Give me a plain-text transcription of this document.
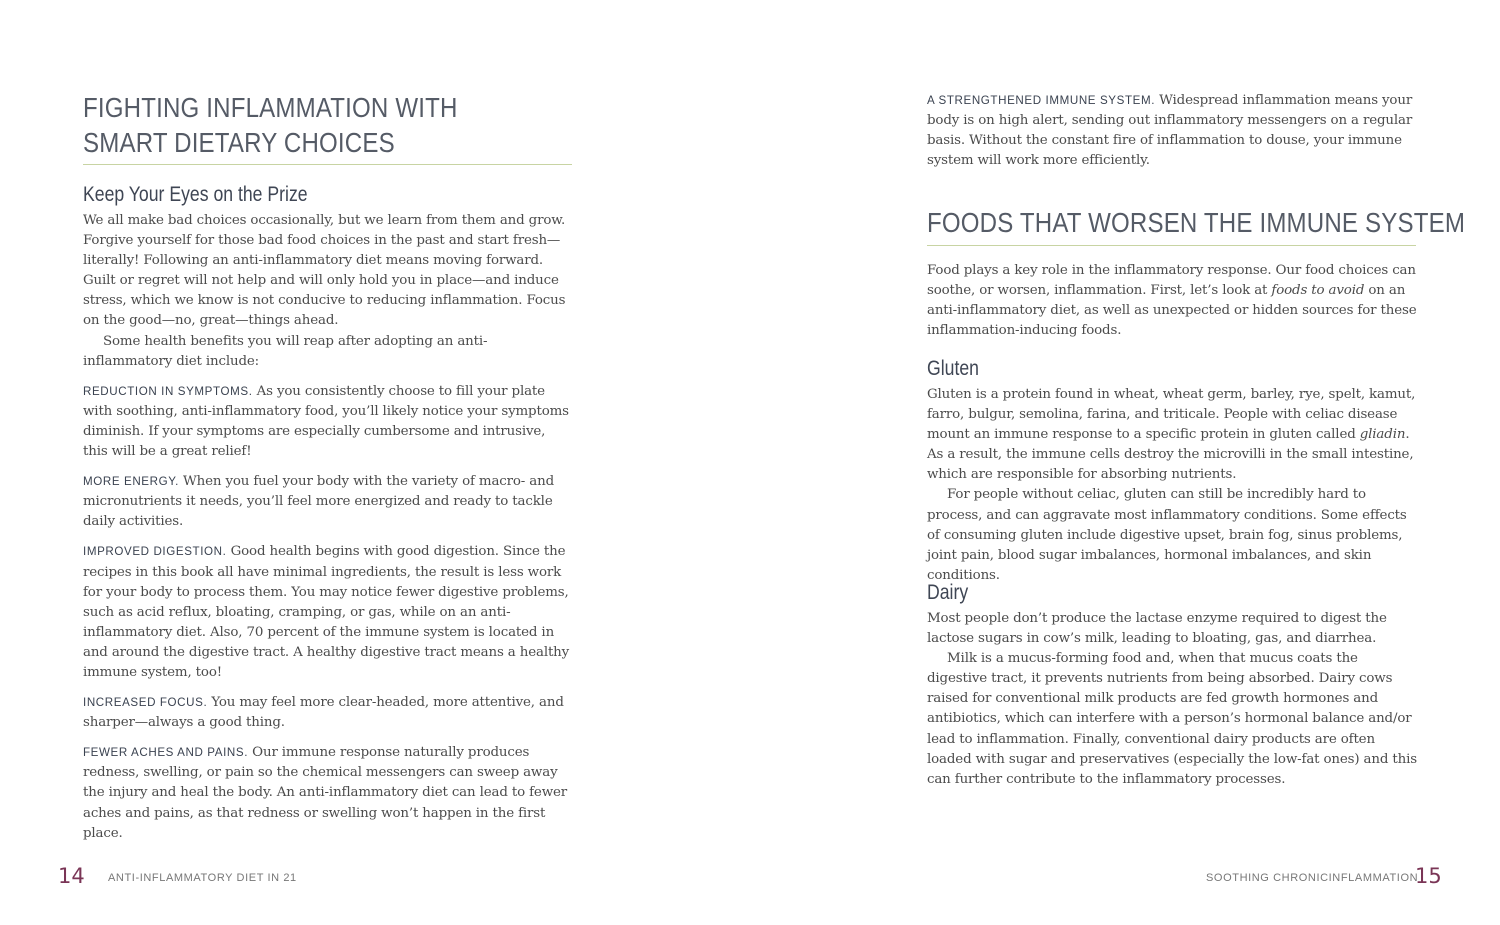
FIGHTING INFLAMMATION WITH
SMART DIETARY CHOICES
Keep Your Eyes on the Prize

We all make bad choices occasionally, but we learn from them and grow. Forgive yourself for those bad food choices in the past and start fresh—literally! Following an anti-inflammatory diet means moving forward. Guilt or regret will not help and will only hold you in place—and induce stress, which we know is not conducive to reducing inflammation. Focus on the good—no, great—things ahead.

Some health benefits you will reap after adopting an anti-inflammatory diet include:

REDUCTION IN SYMPTOMS. As you consistently choose to fill your plate with soothing, anti-inflammatory food, you’ll likely notice your symptoms diminish. If your symptoms are especially cumbersome and intrusive, this will be a great relief!

MORE ENERGY. When you fuel your body with the variety of macro- and micronutrients it needs, you’ll feel more energized and ready to tackle daily activities.

IMPROVED DIGESTION. Good health begins with good digestion. Since the recipes in this book all have minimal ingredients, the result is less work for your body to process them. You may notice fewer digestive problems, such as acid reflux, bloating, cramping, or gas, while on an anti-inflammatory diet. Also, 70 percent of the immune system is located in and around the digestive tract. A healthy digestive tract means a healthy immune system, too!

INCREASED FOCUS. You may feel more clear-headed, more attentive, and sharper—always a good thing.

FEWER ACHES AND PAINS. Our immune response naturally produces redness, swelling, or pain so the chemical messengers can sweep away the injury and heal the body. An anti-inflammatory diet can lead to fewer aches and pains, as that redness or swelling won’t happen in the first place.

14 ANTI-INFLAMMATORY DIET IN 21

A STRENGTHENED IMMUNE SYSTEM. Widespread inflammation means your body is on high alert, sending out inflammatory messengers on a regular basis. Without the constant fire of inflammation to douse, your immune system will work more efficiently.

FOODS THAT WORSEN THE IMMUNE SYSTEM

Food plays a key role in the inflammatory response. Our food choices can soothe, or worsen, inflammation. First, let’s look at foods to avoid on an anti-inflammatory diet, as well as unexpected or hidden sources for these inflammation-inducing foods.

Gluten

Gluten is a protein found in wheat, wheat germ, barley, rye, spelt, kamut, farro, bulgur, semolina, farina, and triticale. People with celiac disease mount an immune response to a specific protein in gluten called gliadin. As a result, the immune cells destroy the microvilli in the small intestine, which are responsible for absorbing nutrients.

For people without celiac, gluten can still be incredibly hard to process, and can aggravate most inflammatory conditions. Some effects of consuming gluten include digestive upset, brain fog, sinus problems, joint pain, blood sugar imbalances, hormonal imbalances, and skin conditions.

Dairy

Most people don’t produce the lactase enzyme required to digest the lactose sugars in cow’s milk, leading to bloating, gas, and diarrhea.

Milk is a mucus-forming food and, when that mucus coats the digestive tract, it prevents nutrients from being absorbed. Dairy cows raised for conventional milk products are fed growth hormones and antibiotics, which can interfere with a person’s hormonal balance and/or lead to inflammation. Finally, conventional dairy products are often loaded with sugar and preservatives (especially the low-fat ones) and this can further contribute to the inflammatory processes.

SOOTHING CHRONICINFLAMMATION
15
